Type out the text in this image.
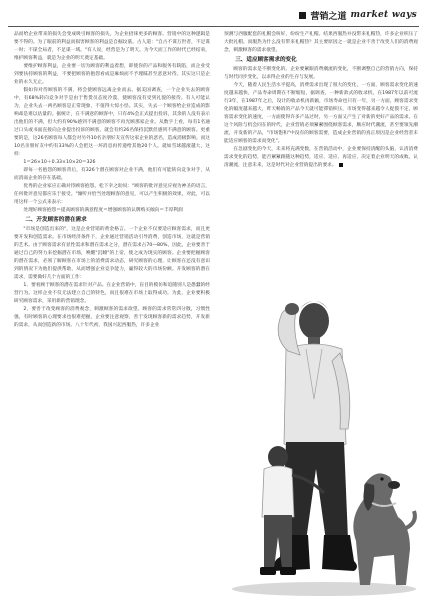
营销之道 market ways

品而给企业带来的损失会变成吸引顾客的损失。为企业招徕更多的顾客。营销中的这种逻辑是要不得的。为了眼前的利益而损害顾客的利益是自掘坟墓。古人道："自古不谋万世者，不足谋一时；不谋全局者，不足谋一域。"有人说，经营是为了明天。为今天而工作的时代已经结束，维护顾客利益，就是为企业的明天奠定基础。

要维护顾客利益，企业要一切为顾客的利益着想，即使你的产品和服务有缺陷，而企业受到要扶持顾客的利益，不要把顾客的抱怨看成是麻烦而不予理睬甚至恶意对待。其实这只是企业的永久无止。

假如你对待顾客的不满，将会使顾客远离企业而去。据美国调查，一个企业失去的顾客中，有68%转向竞争对手是由于售货员态度冷漠，使顾客没有受到礼貌的接待。有人可能认为，企业失去一两名顾客是正常现象，不值得大惊小怪。其实，失去一个顾客给企业造成的影响却是难以估量的。据统计，在不满意的顾客中，只有4%会正式提出投诉，其余的人没有表示出他们的不满，但大约有90%感到不满意的顾客不再光顾那家企业。从数字上看，每有1名通过口头或书面直接向企业提出投诉的顾客，就会有约26名保持沉默但感到不满意的顾客。更重要的是，这26名顾客每人都会对另外10名亲朋好友宣传这家企业的恶名，造成消极影响。而这10名亲朋好友中约有33%的人会把这一坏消息再传递给其他20个人。就如雪球越滚越大，这样：

1＝26×10＋0.33×10×20＝326

即每一名抱怨的顾客背后，有326个潜在顾客对企业不满，他们有可能转向竞争对手，从而消弱企业的存在基础。

优秀的企业家应正确对待顾客抱怨。松下幸之助说："顾客的批评意见应视为神圣的语言，任何批评意见都应乐于接受。"倾听并恰当处理顾客的意见，可以产生积极的效果，对此，可以用这样一个公式来表示：

处理好顾客抱怨＝提高顾客的满意程度＝增强顾客的认牌购买倾向＝丰厚利润

二、开发顾客的潜在需求

"市场是创造出来的"，这是企业营销的黄金格言。一个企业不仅要适应顾客需求，而且更要开发和创造需求。在市场经济条件下，企业通过营销活动引导消费，创造市场，这就是营销的艺术。由于顾客需求有显性需求和潜在需求之分，潜在需求占70—80%，因此，企业要善于通过自己的努力来挖掘潜在市场，唤醒"沉睡"的上帝，使之成为现实的顾客。企业要把握顾客的潜在需求，必须了解顾客在市场上的消费需求动态，研究顾客的心理，让顾客在还没有意识到的情况下为他们提供帮助，从而增强企业竞争能力，赢得较大的市场份额。开发顾客的潜在需求，需要做好几个方面的工作：

1、要看顾于顾客的潜在需求针对产品。在企业营销中，盲目的模仿和追随别人是愚蠢的经营行为。这样企业不仅无法建立自己的特色，而且很难在市场上取得成功。为此，企业要积极研究顾客需求，采用新的营销理念。

2、要善于改变顾客的消费观念，刺激顾客的需求欲望。顾客的需求常常四分散，习惯性强，有时顾客的心理要求也很难把握，企业要注意观察，善于发现顾客新的需求趋势，开发新的需求，从而创造新的市场。八十年代初，我国兴起西服热，许多企业

预测与西服配套的礼帽会叫好，纷纷生产礼帽。结果西服热并没带来礼帽热，许多企业积压了大批礼帽。而服热为什么没有带来礼帽热？其主要原因之一就是企业不善于改变人们的消费观念，刺激顾客的需求欲望。

三、适应顾客需求的变化

顾客的需求是不断变化的。企业要紧跟消费潮流的变化，不断调整自己的营销方向，保持与时代同步变化，以求得企业的生存与发展。

今天，随着人民生活水平提高，消费需求出现了很大的变化，一方面，顾客需求变化的速度越来越快，产品寿命周期在不断缩短，据调查，一种新款式的收录机，在1987年以前可流行3年，在1987年之后，设计的收录机再新颖，市场寿命也只有一年，另一方面，顾客需求变化的幅度越来越大，昨天畅销的产品今天就可能滞销积压，市场变得越来越令人捉摸不定，顾客需求变化的速度，一方面使得许多产品过时，另一方面又产生了对新的更好产品的需求。在这个风险与机会同在的时代，企业营销必须紧紧围绕顾客需求，顺应时代潮流，甚至要领先潮流，开发新的产品，"市场饱和"中没有的顾客需要，造成企业营销的真正原因是企业经营者未能适应顾客的需求而变化"。

在急剧变化的今天，未来将充满变数，在营销活动中，企业要保持清醒的头脑，认清消费需求变化的趋势，能否紧紧跟随这种趋势，适应、适应、再适应，决定着企业明天的成败。认清潮流，注意未来，这是时代对企业营销提出的要求。
